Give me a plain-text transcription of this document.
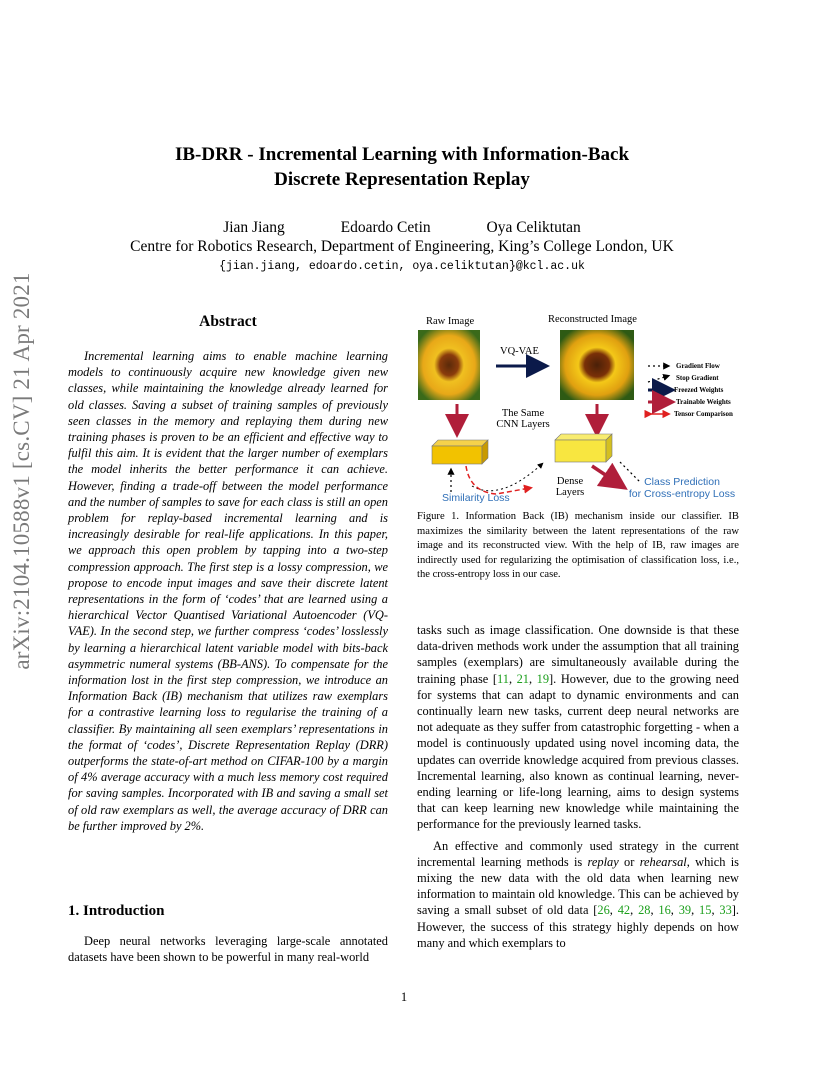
arXiv:2104.10588v1 [cs.CV] 21 Apr 2021
IB-DRR - Incremental Learning with Information-Back
Discrete Representation Replay
Jian Jiang	Edoardo Cetin	Oya Celiktutan
Centre for Robotics Research, Department of Engineering, King’s College London, UK
{jian.jiang, edoardo.cetin, oya.celiktutan}@kcl.ac.uk
Abstract

Incremental learning aims to enable machine learning models to continuously acquire new knowledge given new classes, while maintaining the knowledge already learned for old classes. Saving a subset of training samples of previously seen classes in the memory and replaying them during new training phases is proven to be an efficient and effective way to fulfil this aim. It is evident that the larger number of exemplars the model inherits the better performance it can achieve. However, finding a trade-off between the model performance and the number of samples to save for each class is still an open problem for replay-based incremental learning and is increasingly desirable for real-life applications. In this paper, we approach this open problem by tapping into a two-step compression approach. The first step is a lossy compression, we propose to encode input images and save their discrete latent representations in the form of ‘codes’ that are learned using a hierarchical Vector Quantised Variational Autoencoder (VQ-VAE). In the second step, we further compress ‘codes’ losslessly by learning a hierarchical latent variable model with bits-back asymmetric numeral systems (BB-ANS). To compensate for the information lost in the first step compression, we introduce an Information Back (IB) mechanism that utilizes raw exemplars for a contrastive learning loss to regularise the training of a classifier. By maintaining all seen exemplars’ representations in the format of ‘codes’, Discrete Representation Replay (DRR) outperforms the state-of-art method on CIFAR-100 by a margin of 4% average accuracy with a much less memory cost required for saving samples. Incorporated with IB and saving a small set of old raw exemplars as well, the average accuracy of DRR can be further improved by 2%.

1. Introduction

Deep neural networks leveraging large-scale annotated datasets have been shown to be powerful in many real-world

Raw Image	Reconstructed Image
VQ-VAE
The Same
CNN Layers
Dense
Layers
Similarity Loss
Class Prediction
for Cross-entropy Loss
Gradient Flow
Stop Gradient
Freezed Weights
Trainable Weights
Tensor Comparison
Figure 1. Information Back (IB) mechanism inside our classifier. IB maximizes the similarity between the latent representations of the raw image and its reconstructed view. With the help of IB, raw images are indirectly used for regularizing the optimisation of classification loss, i.e., the cross-entropy loss in our case.

tasks such as image classification. One downside is that these data-driven methods work under the assumption that all training samples (exemplars) are simultaneously available during the training phase [11, 21, 19]. However, due to the growing need for systems that can adapt to dynamic environments and can continually learn new tasks, current deep neural networks are not adequate as they suffer from catastrophic forgetting - when a model is continuously updated using novel incoming data, the updates can override knowledge acquired from previous classes. Incremental learning, also known as continual learning, never-ending learning or life-long learning, aims to design systems that can keep learning new knowledge while maintaining the performance for the previously learned tasks.

An effective and commonly used strategy in the current incremental learning methods is replay or rehearsal, which is mixing the new data with the old data when learning new information to maintain old knowledge. This can be achieved by saving a small subset of old data [26, 42, 28, 16, 39, 15, 33]. However, the success of this strategy highly depends on how many and which exemplars to

1
